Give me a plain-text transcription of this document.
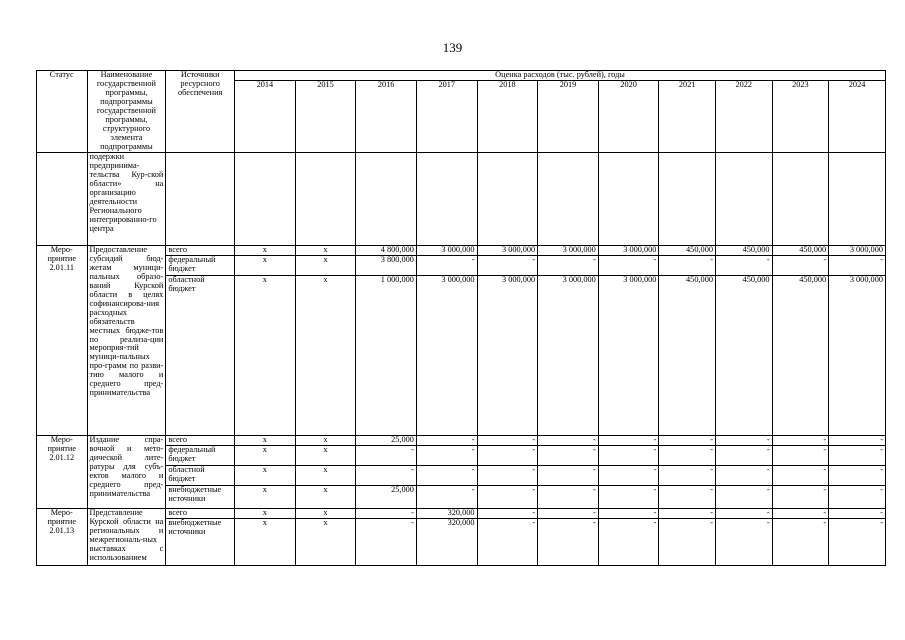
139
Статус	Наименование государственной программы, подпрограммы государственной программы, структурного элемента подпрограммы	Источники ресурсного обеспечения	Оценка расходов (тыс. рублей), годы										
			2014	2015	2016	2017	2018	2019	2020	2021	2022	2023	2024
	подержки предпринима-тельства Кур-ской области» на организацию деятельности Регионального интегрированно-го центра												
Меро-приятие 2.01.11	Предоставление субсидий бюд-жетам муници-пальных образо-ваний Курской области в целях софинансирова-ния расходных обязательств местных бюдже-тов по реализа-ции мероприя-тий муници-пальных про-грамм по разви-тию малого и среднего пред-принимательства	всего	x	x	4 800,000	3 000,000	3 000,000	3 000,000	3 000,000	450,000	450,000	450,000	3 000,000
		федеральный бюджет	x	x	3 800,000	-	-	-	-	-	-	-	-
		областной бюджет	x	x	1 000,000	3 000,000	3 000,000	3 000,000	3 000,000	450,000	450,000	450,000	3 000,000
Меро-приятие 2.01.12	Издание спра-вочной и мето-дической лите-ратуры для субъ-ектов малого и среднего пред-принимательства	всего	x	x	25,000	-	-	-	-	-	-	-	-
		федеральный бюджет	x	x	-	-	-	-	-	-	-	-	-
		областной бюджет	x	x	-	-	-	-	-	-	-	-	-
		внебюджетные источники	x	x	25,000	-	-	-	-	-	-	-	-
Меро-приятие 2.01.13	Представление Курской области на региональных и межрегиональ-ных выставках с использованием	всего	x	x	-	320,000	-	-	-	-	-	-	-
		внебюджетные источники	x	x	-	320,000	-	-	-	-	-	-	-
